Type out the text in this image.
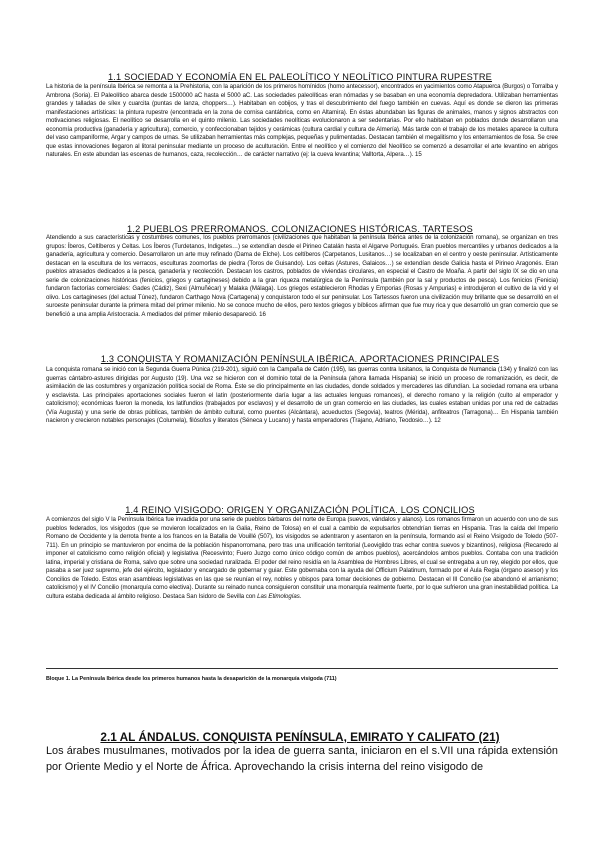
1.1 SOCIEDAD Y ECONOMÍA EN EL PALEOLÍTICO Y NEOLÍTICO PINTURA RUPESTRE
La historia de la península Ibérica se remonta a la Prehistoria, con la aparición de los primeros homínidos (homo antecessor), encontrados en yacimientos como Atapuerca (Burgos) o Torralba y Ambrona (Soria). El Paleolítico abarca desde 1500000 aC hasta el 5000 aC. Las sociedades paleolíticas eran nómadas y se basaban en una economía depredadora. Utilizaban herramientas grandes y talladas de sílex y cuarcita (puntas de lanza, choppers…). Habitaban en cobijos, y tras el descubrimiento del fuego también en cuevas. Aquí es donde se dieron las primeras manifestaciones artísticas: la pintura rupestre (encontrada en la zona de cornisa cantábrica, como en Altamira). En éstas abundaban las figuras de animales, manos y signos abstractos con motivaciones religiosas. El neolítico se desarrolla en el quinto milenio. Las sociedades neolíticas evolucionaron a ser sedentarias. Por ello habitaban en poblados donde desarrollaron una economía productiva (ganadería y agricultura), comercio, y confeccionaban tejidos y cerámicas (cultura cardial y cultura de Almería). Más tarde con el trabajo de los metales aparece la cultura del vaso campaniforme, Argar y campos de urnas. Se utilizaban herramientas más complejas, pequeñas y pulimentadas. Destacan también el megalitismo y los enterramientos de fosa. Se cree que estas innovaciones llegaron al litoral peninsular mediante un proceso de aculturación. Entre el neolítico y el comienzo del Neolítico se comenzó a desarrollar el arte levantino en abrigos naturales. En este abundan las escenas de humanos, caza, recolección… de carácter narrativo (ej: la cueva levantina; Valltorta, Alpera…). 15
1.2 PUEBLOS PRERROMANOS. COLONIZACIONES HISTÓRICAS. TARTESOS
Atendiendo a sus características y costumbres comunes, los pueblos prerromanos (civilizaciones que habitaban la península Ibérica antes de la colonización romana), se organizan en tres grupos: Íberos, Celtíberos y Celtas. Los Íberos (Turdetanos, Indigetes…) se extendían desde el Pirineo Catalán hasta el Algarve Portugués. Eran pueblos mercantiles y urbanos dedicados a la ganadería, agricultura y comercio. Desarrollaron un arte muy refinado (Dama de Elche). Los celtíberos (Carpetanos, Lusitanos…) se localizaban en el centro y oeste peninsular. Artísticamente destacan en la escultura de los verracos, esculturas zoomorfas de piedra (Toros de Guisando). Los celtas (Astures, Galaicos…) se extendían desde Galicia hasta el Pirineo Aragonés. Eran pueblos atrasados dedicados a la pesca, ganadería y recolección. Destacan los castros, poblados de viviendas circulares, en especial el Castro de Moaña. A partir del siglo IX se dio en una serie de colonizaciones históricas (fenicios, griegos y cartagineses) debido a la gran riqueza metalúrgica de la Península (también por la sal y productos de pesca). Los fenicios (Fenicia) fundaron factorías comerciales: Gades (Cádiz), Sexi (Almuñécar) y Malaka (Málaga). Los griegos establecieron Rhodas y Emporias (Rosas y Ampurias) e introdujeron el cultivo de la vid y el olivo. Los cartagineses (del actual Túnez), fundaron Carthago Nova (Cartagena) y conquistaron todo el sur peninsular. Los Tartessos fueron una civilización muy brillante que se desarrolló en el suroeste peninsular durante la primera mitad del primer milenio. No se conoce mucho de ellos, pero textos griegos y bíblicos afirman que fue muy rica y que desarrolló un gran comercio que se benefició a una amplia Aristocracia. A mediados del primer milenio desapareció. 16
1.3 CONQUISTA Y ROMANIZACIÓN PENÍNSULA IBÉRICA. APORTACIONES PRINCIPALES
La conquista romana se inició con la Segunda Guerra Púnica (219-201), siguió con la Campaña de Catón (195), las guerras contra lusitanos, la Conquista de Numancia (134) y finalizó con las guerras cántabro-astures dirigidas por Augusto (19). Una vez se hicieron con el dominio total de la Península (ahora llamada Hispania) se inició un proceso de romanización, es decir, de asimilación de las costumbres y organización política social de Roma. Éste se dio principalmente en las ciudades, donde soldados y mercaderes las difundían. La sociedad romana era urbana y esclavista. Las principales aportaciones sociales fueron el latín (posteriormente daría lugar a las actuales lenguas romances), el derecho romano y la religión (culto al emperador y catolicismo); económicas fueron la moneda, los latifundios (trabajados por esclavos) y el desarrollo de un gran comercio en las ciudades, las cuales estaban unidas por una red de calzadas (Vía Augusta) y una serie de obras públicas, también de ámbito cultural, como puentes (Alcántara), acueductos (Segovia), teatros (Mérida), anfiteatros (Tarragona)… En Hispania también nacieron y crecieron notables personajes (Columela), filósofos y literatos (Séneca y Lucano) y hasta emperadores (Trajano, Adriano, Teodosio…). 12
1.4 REINO VISIGODO: ORIGEN Y ORGANIZACIÓN POLÍTICA. LOS CONCILIOS
A comienzos del siglo V la Península Ibérica fue invadida por una serie de pueblos bárbaros del norte de Europa (suevos, vándalos y alanos). Los romanos firmaron un acuerdo con uno de sus pueblos federados, los visigodos (que se movieron localizados en la Galia, Reino de Tolosa) en el cual a cambio de expulsarlos obtendrían tierras en Hispania. Tras la caída del Imperio Romano de Occidente y la derrota frente a los francos en la Batalla de Vouillé (507), los visigodos se adentraron y asentaron en la península, formando así el Reino Visigodo de Toledo (507-711). En un principio se mantuvieron por encima de la población hispanorromana, pero tras una unificación territorial (Leovigildo tras echar contra suevos y bizantinos), religiosa (Recaredo al imponer el catolicismo como religión oficial) y legislativa (Recesvinto; Fuero Juzgo como único código común de ambos pueblos), acercándolos ambos pueblos. Contaba con una tradición latina, imperial y cristiana de Roma, salvo que sobre una sociedad ruralizada. El poder del reino residía en la Asamblea de Hombres Libres, el cual se entregaba a un rey, elegido por ellos, que pasaba a ser juez supremo, jefe del ejército, legislador y encargado de gobernar y guiar. Este gobernaba con la ayuda del Officium Palatinum, formado por el Aula Regia (órgano asesor) y los Concilios de Toledo. Estos eran asambleas legislativas en las que se reunían el rey, nobles y obispos para tomar decisiones de gobierno. Destacan el III Concilio (se abandonó el arrianismo; catolicismo) y el IV Concilio (monarquía como electiva). Durante su reinado nunca consiguieron constituir una monarquía realmente fuerte, por lo que sufrieron una gran inestabilidad política. La cultura estaba dedicada al ámbito religioso. Destaca San Isidoro de Sevilla con Las Etimologías.
Bloque 1. La Península Ibérica desde los primeros humanos hasta la desaparición de la monarquía visigoda (711)
2.1 AL ÁNDALUS. CONQUISTA PENÍNSULA, EMIRATO Y CALIFATO (21)
Los árabes musulmanes, motivados por la idea de guerra santa, iniciaron en el s.VII una rápida extensión por Oriente Medio y el Norte de África. Aprovechando la crisis interna del reino visigodo de
